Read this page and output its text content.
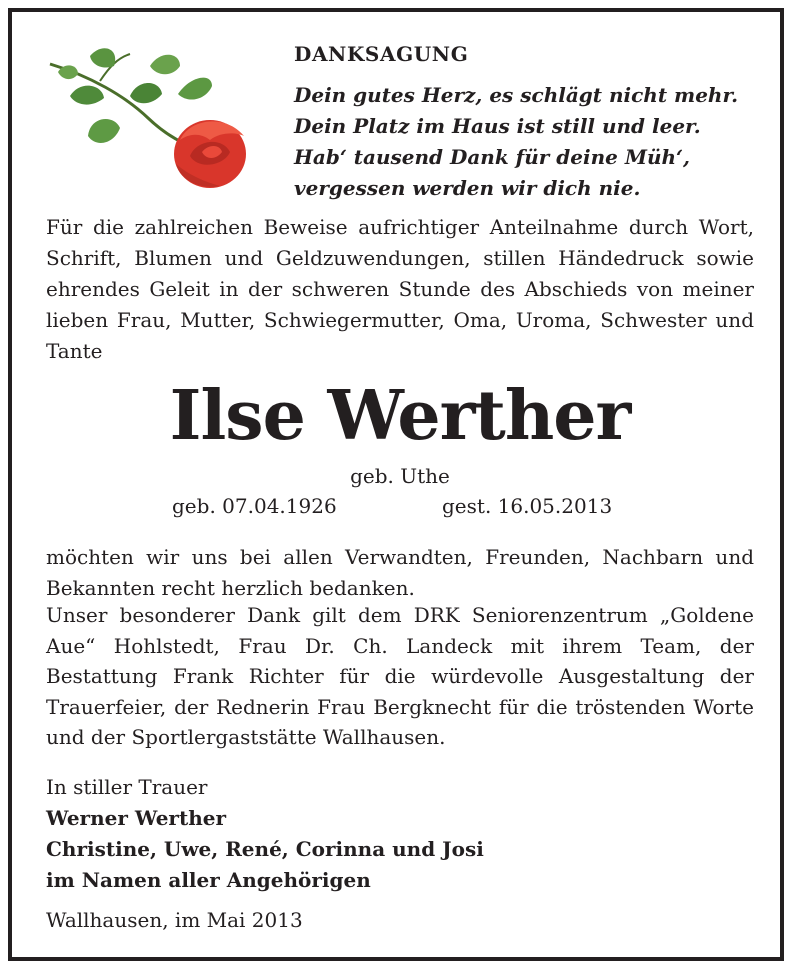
DANKSAGUNG
Dein gutes Herz, es schlägt nicht mehr.
Dein Platz im Haus ist still und leer.
Hab‘ tausend Dank für deine Müh‘,
vergessen werden wir dich nie.
Für die zahlreichen Beweise aufrichtiger Anteilnahme durch Wort, Schrift, Blumen und Geldzuwendungen, stillen Händedruck sowie ehrendes Geleit in der schweren Stunde des Abschieds von meiner lieben Frau, Mutter, Schwiegermutter, Oma, Uroma, Schwester und Tante
Ilse Werther
geb. Uthe
geb. 07.04.1926	gest. 16.05.2013
möchten wir uns bei allen Verwandten, Freunden, Nachbarn und Bekannten recht herzlich bedanken.
Unser besonderer Dank gilt dem DRK Seniorenzentrum „Goldene Aue“ Hohlstedt, Frau Dr. Ch. Landeck mit ihrem Team, der Bestattung Frank Richter für die würdevolle Ausgestaltung der Trauerfeier, der Rednerin Frau Bergknecht für die tröstenden Worte und der Sportlergaststätte Wallhausen.
In stiller Trauer
Werner Werther
Christine, Uwe, René, Corinna und Josi
im Namen aller Angehörigen
Wallhausen, im Mai 2013
